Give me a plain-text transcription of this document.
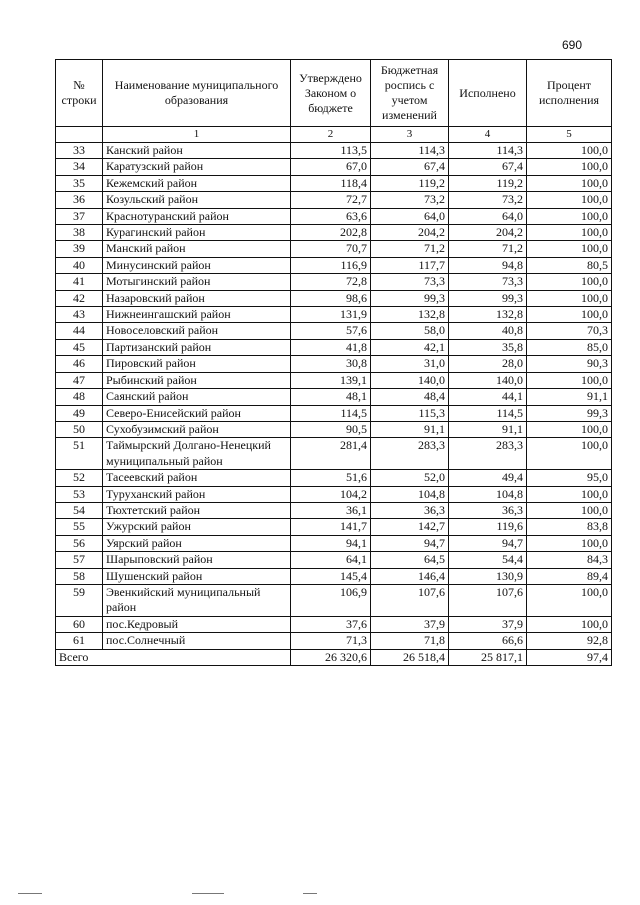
690
№ строки	Наименование муниципального образования	Утверждено Законом о бюджете	Бюджетная роспись с учетом изменений	Исполнено	Процент исполнения
	1	2	3	4	5
33	Канский район	113,5	114,3	114,3	100,0
34	Каратузский район	67,0	67,4	67,4	100,0
35	Кежемский район	118,4	119,2	119,2	100,0
36	Козульский район	72,7	73,2	73,2	100,0
37	Краснотуранский район	63,6	64,0	64,0	100,0
38	Курагинский район	202,8	204,2	204,2	100,0
39	Манский район	70,7	71,2	71,2	100,0
40	Минусинский район	116,9	117,7	94,8	80,5
41	Мотыгинский район	72,8	73,3	73,3	100,0
42	Назаровский район	98,6	99,3	99,3	100,0
43	Нижнеингашский район	131,9	132,8	132,8	100,0
44	Новоселовский район	57,6	58,0	40,8	70,3
45	Партизанский район	41,8	42,1	35,8	85,0
46	Пировский район	30,8	31,0	28,0	90,3
47	Рыбинский район	139,1	140,0	140,0	100,0
48	Саянский район	48,1	48,4	44,1	91,1
49	Северо-Енисейский район	114,5	115,3	114,5	99,3
50	Сухобузимский район	90,5	91,1	91,1	100,0
51	Таймырский Долгано-Ненецкий муниципальный район	281,4	283,3	283,3	100,0
52	Тасеевский район	51,6	52,0	49,4	95,0
53	Туруханский район	104,2	104,8	104,8	100,0
54	Тюхтетский район	36,1	36,3	36,3	100,0
55	Ужурский район	141,7	142,7	119,6	83,8
56	Уярский район	94,1	94,7	94,7	100,0
57	Шарыповский район	64,1	64,5	54,4	84,3
58	Шушенский район	145,4	146,4	130,9	89,4
59	Эвенкийский муниципальный район	106,9	107,6	107,6	100,0
60	пос.Кедровый	37,6	37,9	37,9	100,0
61	пос.Солнечный	71,3	71,8	66,6	92,8
Всего		26 320,6	26 518,4	25 817,1	97,4
